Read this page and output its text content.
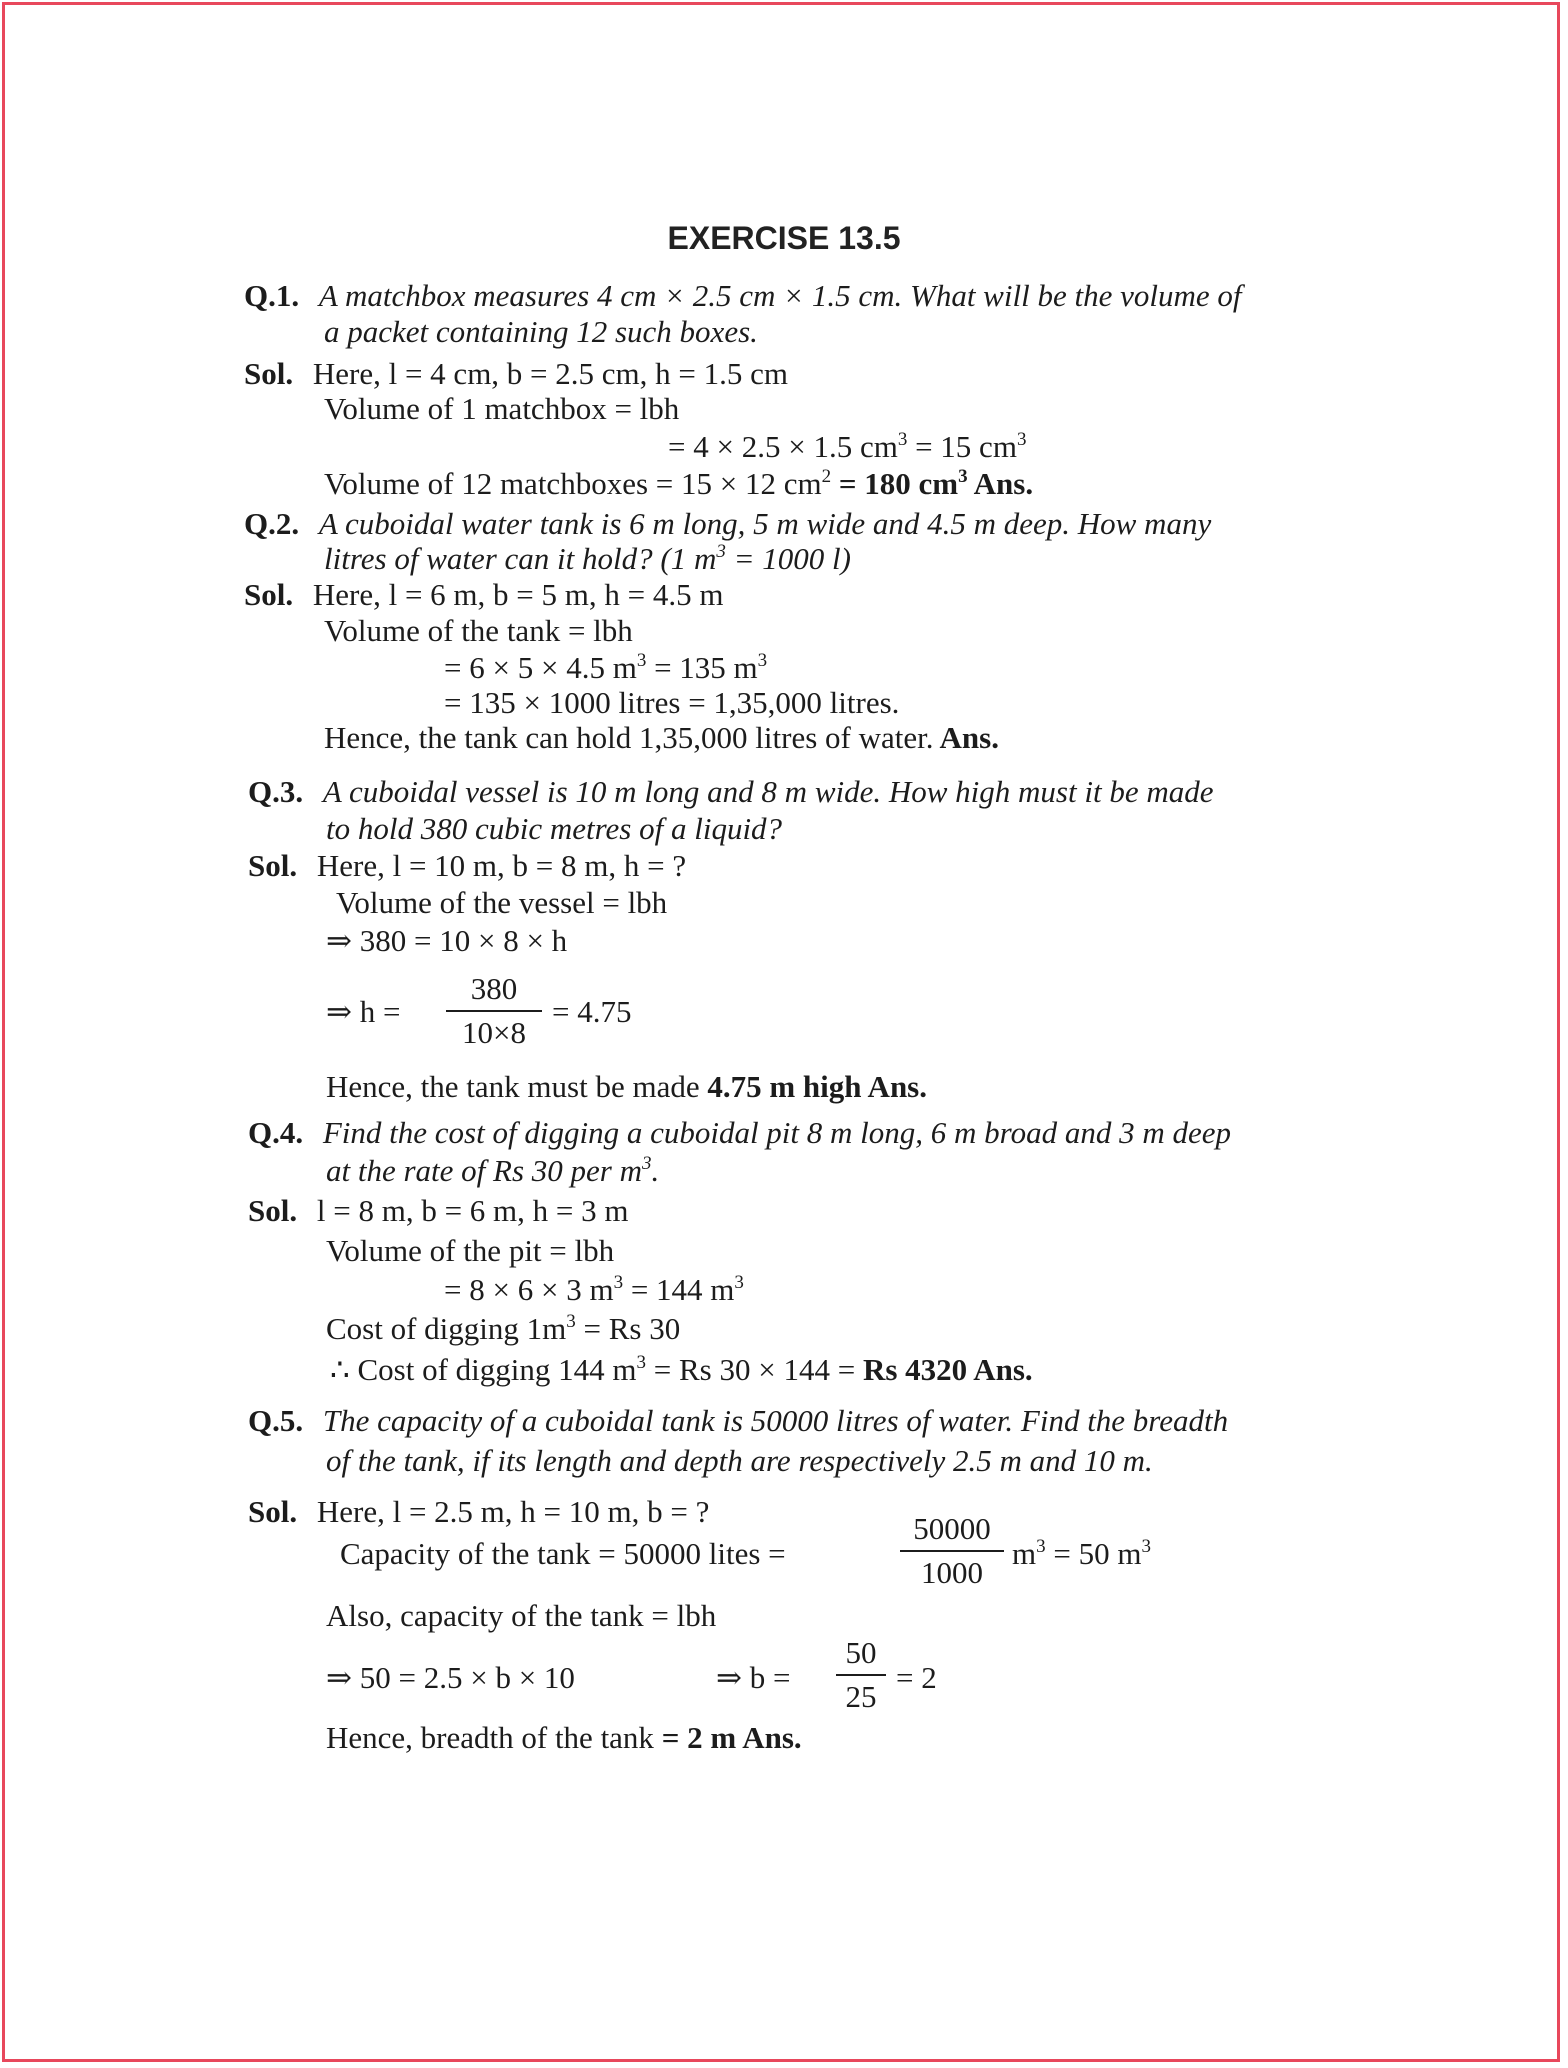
EXERCISE 13.5
Q.1. A matchbox measures 4 cm × 2.5 cm × 1.5 cm. What will be the volume of
a packet containing 12 such boxes.
Sol. Here, l = 4 cm, b = 2.5 cm, h = 1.5 cm
Volume of 1 matchbox = lbh
= 4 × 2.5 × 1.5 $cm^3 = 15$ $cm^3$
Volume of 12 matchboxes = 15 × 12 $cm^2 = 180$ $cm^3$ Ans.
Q.2. A cuboidal water tank is 6 m long, 5 m wide and 4.5 m deep. How many
litres of water can it hold? (1 $m^3 = 1000$ l)
Sol. Here, l = 6 m, b = 5 m, h = 4.5 m
Volume of the tank = lbh
= 6 × 5 × 4.5 $m^3 = 135$ $m^3$
= 135 × 1000 litres = 1,35,000 litres.
Hence, the tank can hold 1,35,000 litres of water. Ans.
Q.3. A cuboidal vessel is 10 m long and 8 m wide. How high must it be made
to hold 380 cubic metres of a liquid?
Sol. Here, l = 10 m, b = 8 m, h = ?
Volume of the vessel = lbh
⇒ 380 = 10 × 8 × h
⇒ $h = \frac{380}{10\times 8} = 4.75$
Hence, the tank must be made 4.75 m high Ans.
Q.4. Find the cost of digging a cuboidal pit 8 m long, 6 m broad and 3 m deep
at the rate of Rs 30 per $m^3$.
Sol. l = 8 m, b = 6 m, h = 3 m
Volume of the pit = lbh
= 8 × 6 × 3 $m^3 = 144$ $m^3$
Cost of digging $1m^3 = Rs$ 30
∴ Cost of digging 144 $m^3 = Rs$ 30 × 144 = Rs 4320 Ans.
Q.5. The capacity of a cuboidal tank is 50000 litres of water. Find the breadth
of the tank, if its length and depth are respectively 2.5 m and 10 m.
Sol. Here, l = 2.5 m, h = 10 m, b = ?
Capacity of the tank = 50000 lites =	$\frac{50000}{1000} m^3 = 50$ $m^3$
Also, capacity of the tank = lbh
⇒ 50 = 2.5 × b × 10	⇒ $b = \frac{50}{25} = 2$
Hence, breadth of the tank = 2 m Ans.
